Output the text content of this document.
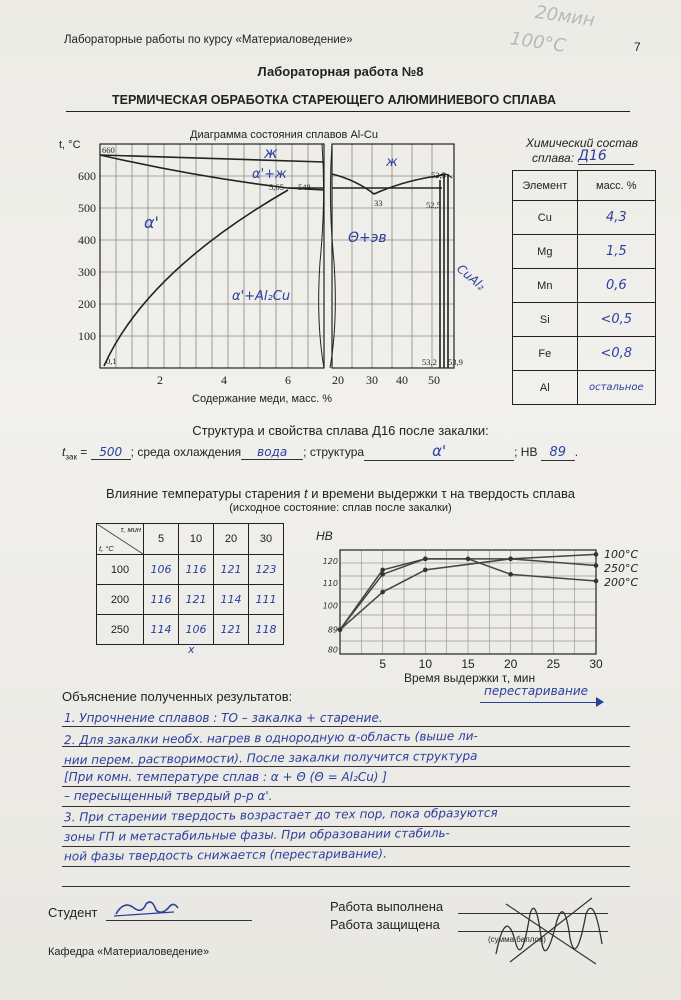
Лабораторные работы по курсу «Материаловедение»	7
20мин
100°С
Лабораторная работа №8
ТЕРМИЧЕСКАЯ ОБРАБОТКА СТАРЕЮЩЕГО АЛЮМИНИЕВОГО СПЛАВА
Диаграмма состояния сплавов Al-Cu
t, °C
600
500
400
300
200
100
2	4	6	20 30 40 50
Содержание меди, масс. %
660
5,65 548
0,1
33
53,5
52,5
53,2 53,9
ж
α'+ж
α'
α'+Al₂Cu
ж
Θ+эв
CuAl₂
Химический состав
сплава: Д16
Элемент	масс. %
Cu	4,3
Mg	1,5
Mn	0,6
Si	<0,5
Fe	<0,8
Al	остальное
Структура и свойства сплава Д16 после закалки:
$t_{зак} = 500$ ; среда охлаждения вода ; структура	α'	; HB 89 .
Влияние температуры старения t и времени выдержки τ на твердость сплава
(исходное состояние: сплав после закалки)
τ, мин
t, °C	5	10	20	30
100	106	116	121	123
200	116	121	114	111
250	114	106	121	118
x
HB
5	10 15 20 25 30
120
110
100
89
80
100°С
250°С
200°С
Время выдержки τ, мин
Объяснение полученных результатов:	перестаривание
1. Упрочнение сплавов : ТО – закалка + старение.
2. Для закалки необх. нагрев в однородную α-область (выше ли-
нии перем. растворимости). После закалки получится структура
[При комн. температуре сплав : α + Θ (Θ = Al₂Cu) ]
– пересыщенный твердый р-р α'.
3. При старении твердость возрастает до тех пор, пока образуются
зоны ГП и метастабильные фазы. При образовании стабиль-
ной фазы твердость снижается (перестаривание).
Студент	Работа выполнена
Работа защищена
(сумма баллов)
Кафедра «Материаловедение»
